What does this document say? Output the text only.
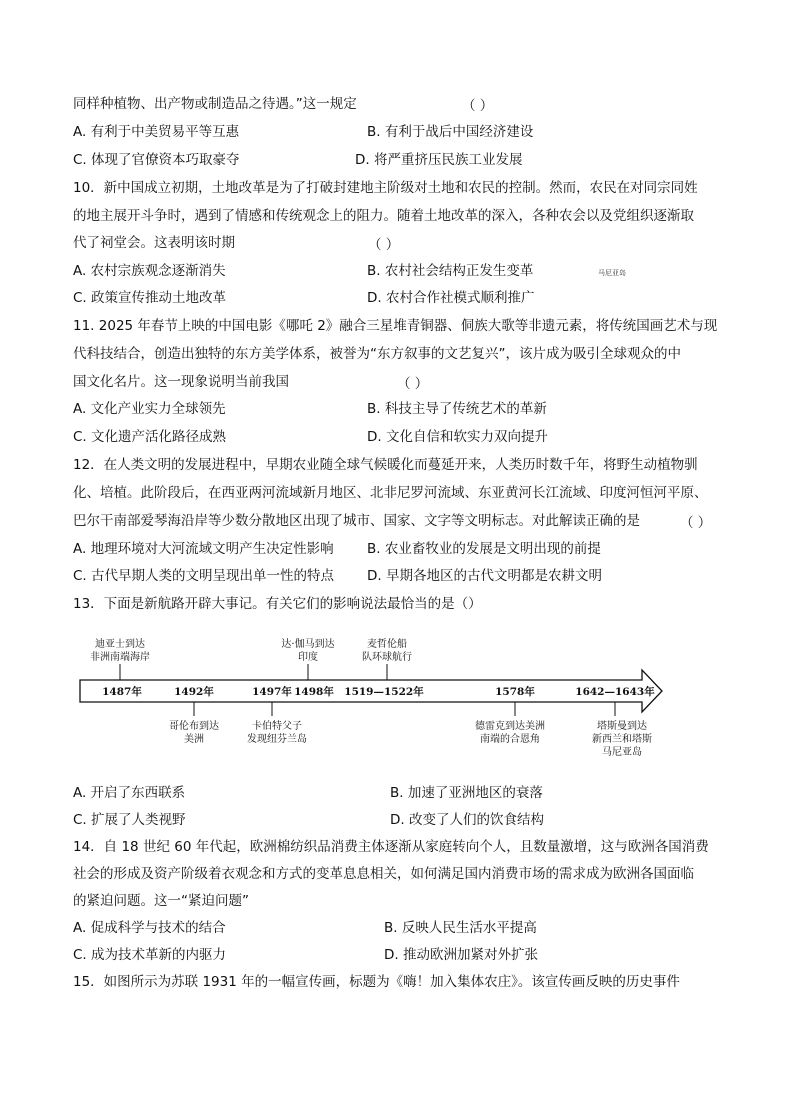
同样种植物、出产物或制造品之待遇。”这一规定	（ ）
A. 有利于中美贸易平等互惠	B. 有利于战后中国经济建设
C. 体现了官僚资本巧取豪夺	D. 将严重挤压民族工业发展
10．新中国成立初期，土地改革是为了打破封建地主阶级对土地和农民的控制。然而，农民在对同宗同姓
的地主展开斗争时，遇到了情感和传统观念上的阻力。随着土地改革的深入，各种农会以及党组织逐渐取
代了祠堂会。这表明该时期	（ ）
A. 农村宗族观念逐渐消失	B. 农村社会结构正发生变革	马尼亚岛
C. 政策宣传推动土地改革	D. 农村合作社模式顺利推广
11. 2025 年春节上映的中国电影《哪吒 2》融合三星堆青铜器、侗族大歌等非遗元素，将传统国画艺术与现
代科技结合，创造出独特的东方美学体系，被誉为“东方叙事的文艺复兴”，该片成为吸引全球观众的中
国文化名片。这一现象说明当前我国	（ ）
A. 文化产业实力全球领先	B. 科技主导了传统艺术的革新
C. 文化遗产活化路径成熟	D. 文化自信和软实力双向提升
12．在人类文明的发展进程中，早期农业随全球气候暖化而蔓延开来，人类历时数千年，将野生动植物驯
化、培植。此阶段后，在西亚两河流域新月地区、北非尼罗河流域、东亚黄河长江流域、印度河恒河平原、
巴尔干南部爱琴海沿岸等少数分散地区出现了城市、国家、文字等文明标志。对此解读正确的是	（ ）
A. 地理环境对大河流域文明产生决定性影响 B. 农业畜牧业的发展是文明出现的前提
C. 古代早期人类的文明呈现出单一性的特点 D. 早期各地区的古代文明都是农耕文明
13．下面是新航路开辟大事记。有关它们的影响说法最恰当的是（）
迪亚士到达
非洲南端海岸
达·伽马到达
印度
麦哲伦船
队环球航行
1487年	1492年	1497年 1498年 1519—1522年	1578年	1642—1643年
哥伦布到达
美洲
卡伯特父子
发现纽芬兰岛
德雷克到达美洲
南端的合恩角
塔斯曼到达
新西兰和塔斯
马尼亚岛
A. 开启了东西联系	B. 加速了亚洲地区的衰落
C. 扩展了人类视野	D. 改变了人们的饮食结构
14．自 18 世纪 60 年代起，欧洲棉纺织品消费主体逐渐从家庭转向个人，且数量激增，这与欧洲各国消费
社会的形成及资产阶级着衣观念和方式的变革息息相关，如何满足国内消费市场的需求成为欧洲各国面临
的紧迫问题。这一“紧迫问题”
A. 促成科学与技术的结合	B. 反映人民生活水平提高
C. 成为技术革新的内驱力	D. 推动欧洲加紧对外扩张
15．如图所示为苏联 1931 年的一幅宣传画，标题为《嗨！加入集体农庄》。该宣传画反映的历史事件
